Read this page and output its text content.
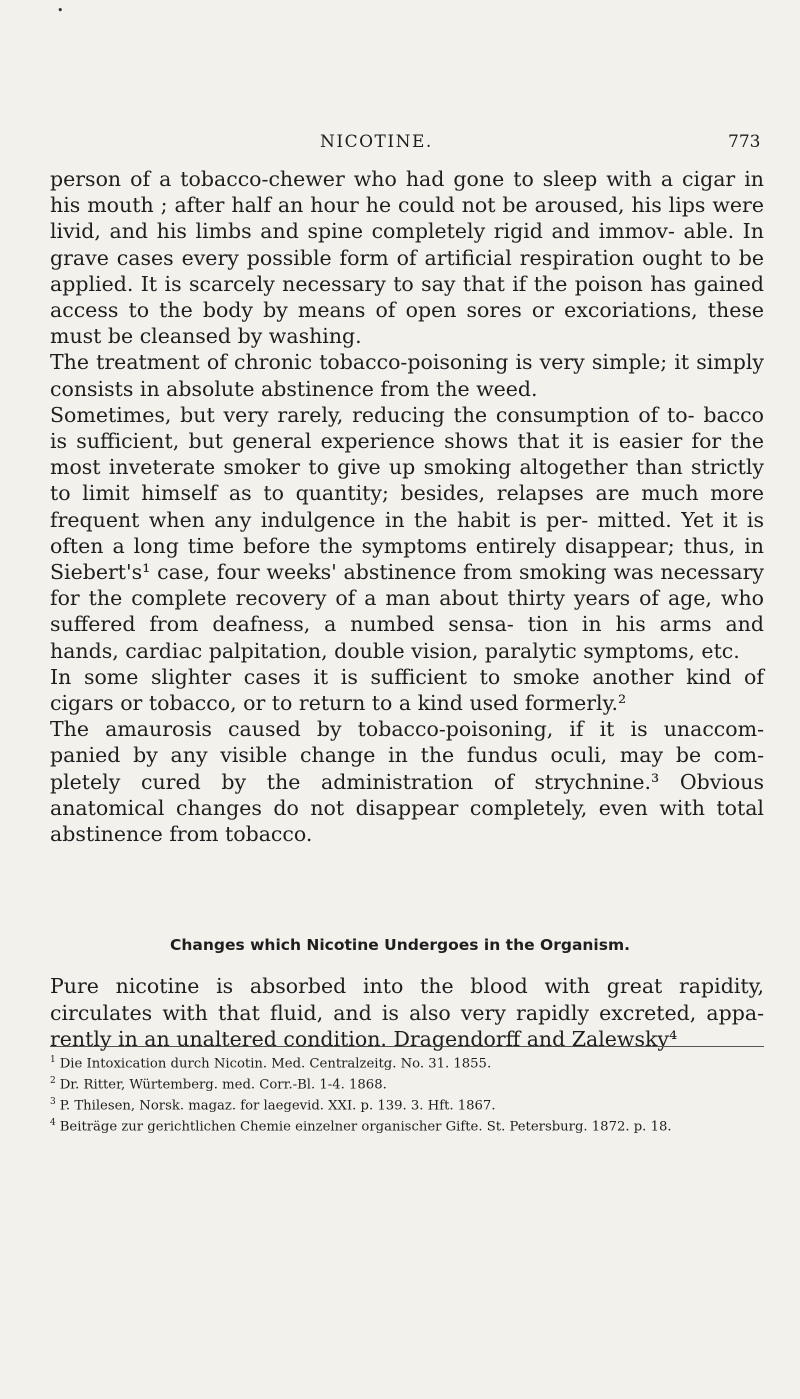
•
NICOTINE.	773

person of a tobacco-chewer who had gone to sleep with a cigar in his mouth ; after half an hour he could not be aroused, his lips were livid, and his limbs and spine completely rigid and immov- able. In grave cases every possible form of artificial respiration ought to be applied. It is scarcely necessary to say that if the poison has gained access to the body by means of open sores or excoriations, these must be cleansed by washing.

The treatment of chronic tobacco-poisoning is very simple; it simply consists in absolute abstinence from the weed.

Sometimes, but very rarely, reducing the consumption of to- bacco is sufficient, but general experience shows that it is easier for the most inveterate smoker to give up smoking altogether than strictly to limit himself as to quantity; besides, relapses are much more frequent when any indulgence in the habit is per- mitted. Yet it is often a long time before the symptoms entirely disappear; thus, in Siebert's¹ case, four weeks' abstinence from smoking was necessary for the complete recovery of a man about thirty years of age, who suffered from deafness, a numbed sensa- tion in his arms and hands, cardiac palpitation, double vision, paralytic symptoms, etc.

In some slighter cases it is sufficient to smoke another kind of cigars or tobacco, or to return to a kind used formerly.²

The amaurosis caused by tobacco-poisoning, if it is unaccom- panied by any visible change in the fundus oculi, may be com- pletely cured by the administration of strychnine.³ Obvious anatomical changes do not disappear completely, even with total abstinence from tobacco.

Changes which Nicotine Undergoes in the Organism.

Pure nicotine is absorbed into the blood with great rapidity, circulates with that fluid, and is also very rapidly excreted, appa- rently in an unaltered condition. Dragendorff and Zalewsky⁴

$^1$ Die Intoxication durch Nicotin. Med. Centralzeitg. No. 31. 1855.
$^2$ Dr. Ritter, Würtemberg. med. Corr.-Bl. 1-4. 1868.
$^3$ P. Thilesen, Norsk. magaz. for laegevid. XXI. p. 139. 3. Hft. 1867.
$^4$ Beiträge zur gerichtlichen Chemie einzelner organischer Gifte. St. Petersburg. 1872. p. 18.
